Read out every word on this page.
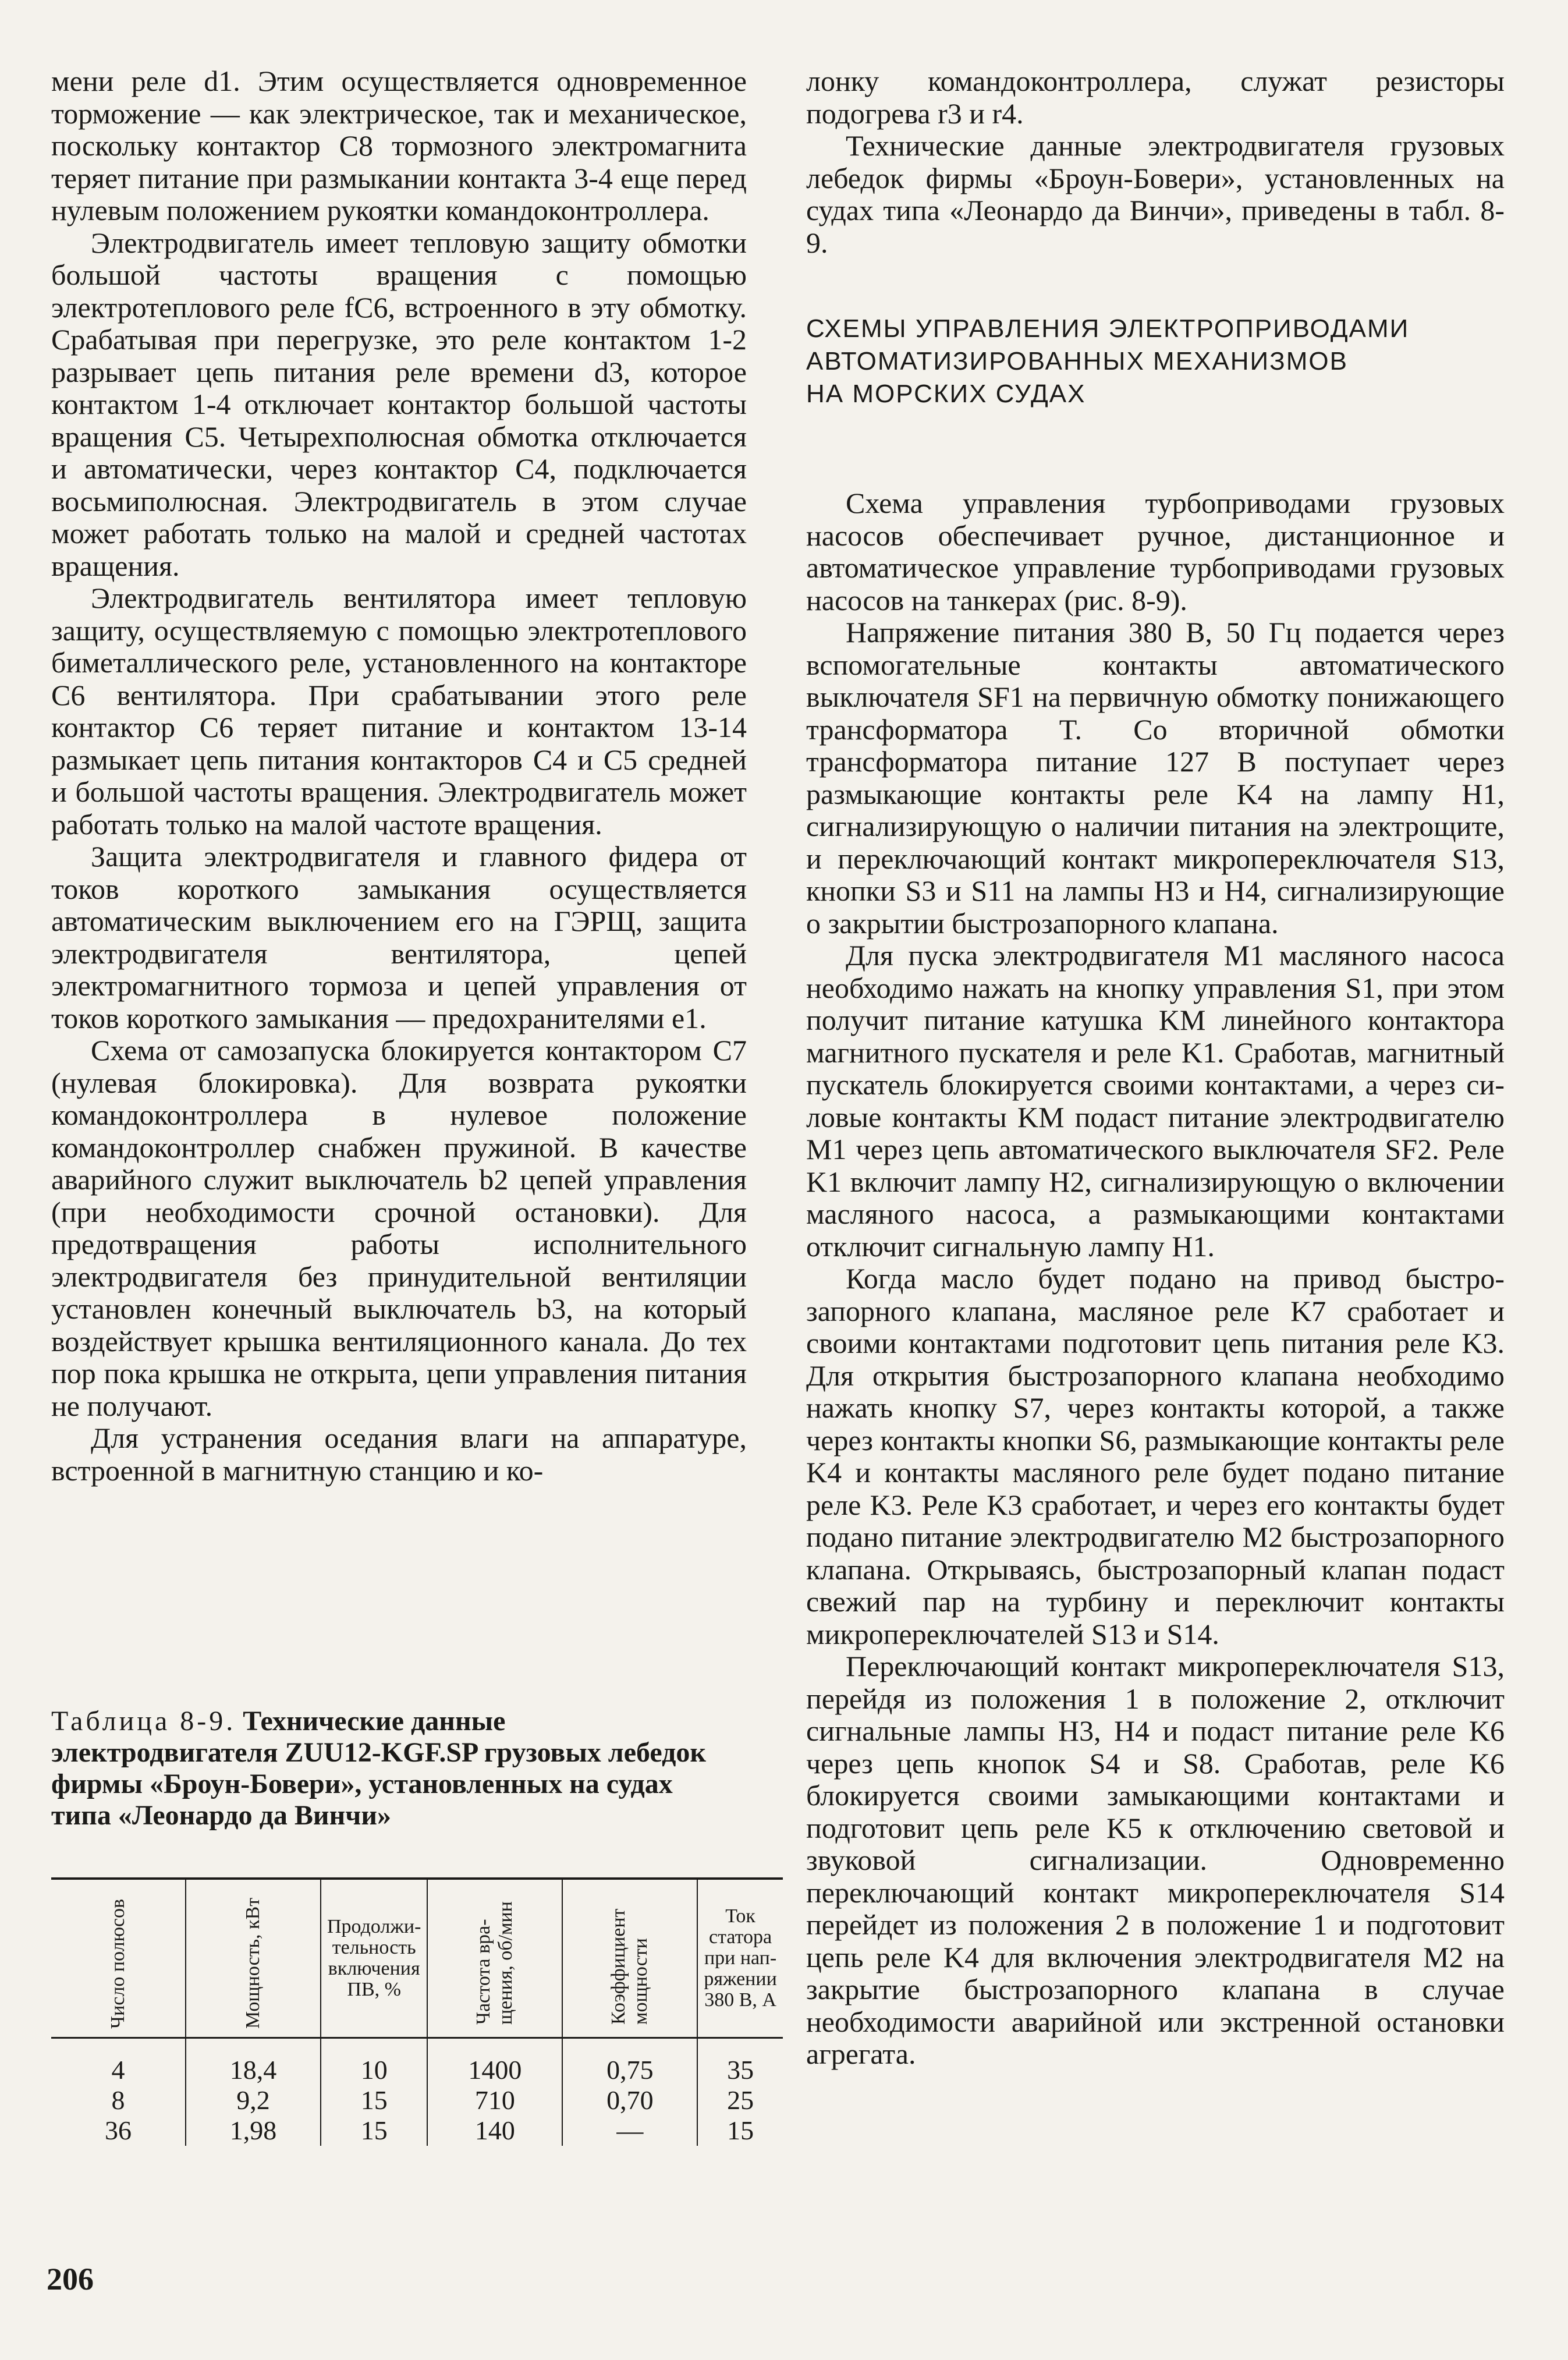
мени реле d1. Этим осуществляется одновременное торможение — как электрическое, так и механическое, поскольку контактор C8 тормозного электромагнита теряет питание при размыкании контакта 3-4 еще перед нулевым положением рукоятки командоконтроллера.

Электродвигатель имеет тепловую защиту обмотки большой частоты вращения с помощью электротеплового реле fC6, встроенного в эту обмотку. Срабатывая при перегрузке, это реле контактом 1-2 разрывает цепь питания реле времени d3, которое контактом 1-4 отключает контактор большой частоты вращения C5. Четырехполюсная обмотка отключается и автоматически, через контактор C4, подключается восьмиполюсная. Электродвигатель в этом случае может работать только на малой и средней частотах вращения.

Электродвигатель вентилятора имеет тепловую защиту, осуществляемую с помощью электротеплового биметаллического реле, установленного на контакторе C6 вентилятора. При срабатывании этого реле контактор C6 теряет питание и контактом 13-14 размыкает цепь питания контакторов C4 и C5 средней и большой частоты вращения. Электродвигатель может работать только на малой частоте вращения.

Защита электродвигателя и главного фидера от токов короткого замыкания осуществляется автоматическим выключением его на ГЭРЩ, защита электродвигателя вентилятора, цепей электромагнитного тормоза и цепей управления от токов короткого замыкания — предохранителями e1.

Схема от самозапуска блокируется контактором C7 (нулевая блокировка). Для возврата рукоятки командоконтроллера в нулевое положение командоконтроллер снабжен пружиной. В качестве аварийного служит выключатель b2 цепей управления (при необходимости срочной остановки). Для предотвращения работы исполнительного электродвигателя без принудительной вентиляции установлен конечный выключатель b3, на который воздействует крышка вентиляционного канала. До тех пор пока крышка не открыта, цепи управления питания не получают.

Для устранения оседания влаги на аппаратуре, встроенной в магнитную станцию и ко-

Таблица 8-9. Технические данные электродвигателя ZUU12-KGF.SP грузовых лебедок фирмы «Броун-Бовери», установленных на судах типа «Леонардо да Винчи»
Число полюсов	Мощность, кВт	Продолжительность включения ПВ, %	Частота вращения, об/мин	Коэффициент мощности	Ток статора при напряжении 380 В, А

4	18,4	10	1400	0,75	35
8	9,2	15	710	0,70	25
36	1,98	15	140	—	15
206

лонку командоконтроллера, служат резисторы подогрева r3 и r4.

Технические данные электродвигателя грузовых лебедок фирмы «Броун-Бовери», установленных на судах типа «Леонардо да Винчи», приведены в табл. 8-9.

СХЕМЫ УПРАВЛЕНИЯ ЭЛЕКТРОПРИВОДАМИ
АВТОМАТИЗИРОВАННЫХ МЕХАНИЗМОВ
НА МОРСКИХ СУДАХ

Схема управления турбоприводами грузовых насосов обеспечивает ручное, дистанционное и автоматическое управление турбоприводами грузовых насосов на танкерах (рис. 8-9).

Напряжение питания 380 В, 50 Гц подается через вспомогательные контакты автоматического выключателя SF1 на первичную обмотку понижающего трансформатора T. Со вторичной обмотки трансформатора питание 127 В поступает через размыкающие контакты реле K4 на лампу H1, сигнализирующую о наличии питания на электрощите, и переключающий контакт микропереключателя S13, кнопки S3 и S11 на лампы H3 и H4, сигнализирующие о закрытии быстрозапорного клапана.

Для пуска электродвигателя M1 масляного насоса необходимо нажать на кнопку управления S1, при этом получит питание катушка KM линейного контактора магнитного пускателя и реле K1. Сработав, магнитный пускатель блокируется своими контактами, а через силовые контакты KM подаст питание электродвигателю M1 через цепь автоматического выключателя SF2. Реле K1 включит лампу H2, сигнализирующую о включении масляного насоса, а размыкающими контактами отключит сигнальную лампу H1.

Когда масло будет подано на привод быстрозапорного клапана, масляное реле K7 сработает и своими контактами подготовит цепь питания реле K3. Для открытия быстрозапорного клапана необходимо нажать кнопку S7, через контакты которой, а также через контакты кнопки S6, размыкающие контакты реле K4 и контакты масляного реле будет подано питание реле K3. Реле K3 сработает, и через его контакты будет подано питание электродвигателю M2 быстрозапорного клапана. Открываясь, быстрозапорный клапан подаст свежий пар на турбину и переключит контакты микропереключателей S13 и S14.

Переключающий контакт микропереключателя S13, перейдя из положения 1 в положение 2, отключит сигнальные лампы H3, H4 и подаст питание реле K6 через цепь кнопок S4 и S8. Сработав, реле K6 блокируется своими замыкающими контактами и подготовит цепь реле K5 к отключению световой и звуковой сигнализации. Одновременно переключающий контакт микропереключателя S14 перейдет из положения 2 в положение 1 и подготовит цепь реле K4 для включения электродвигателя M2 на закрытие быстрозапорного клапана в случае необходимости аварийной или экстренной остановки агрегата.
